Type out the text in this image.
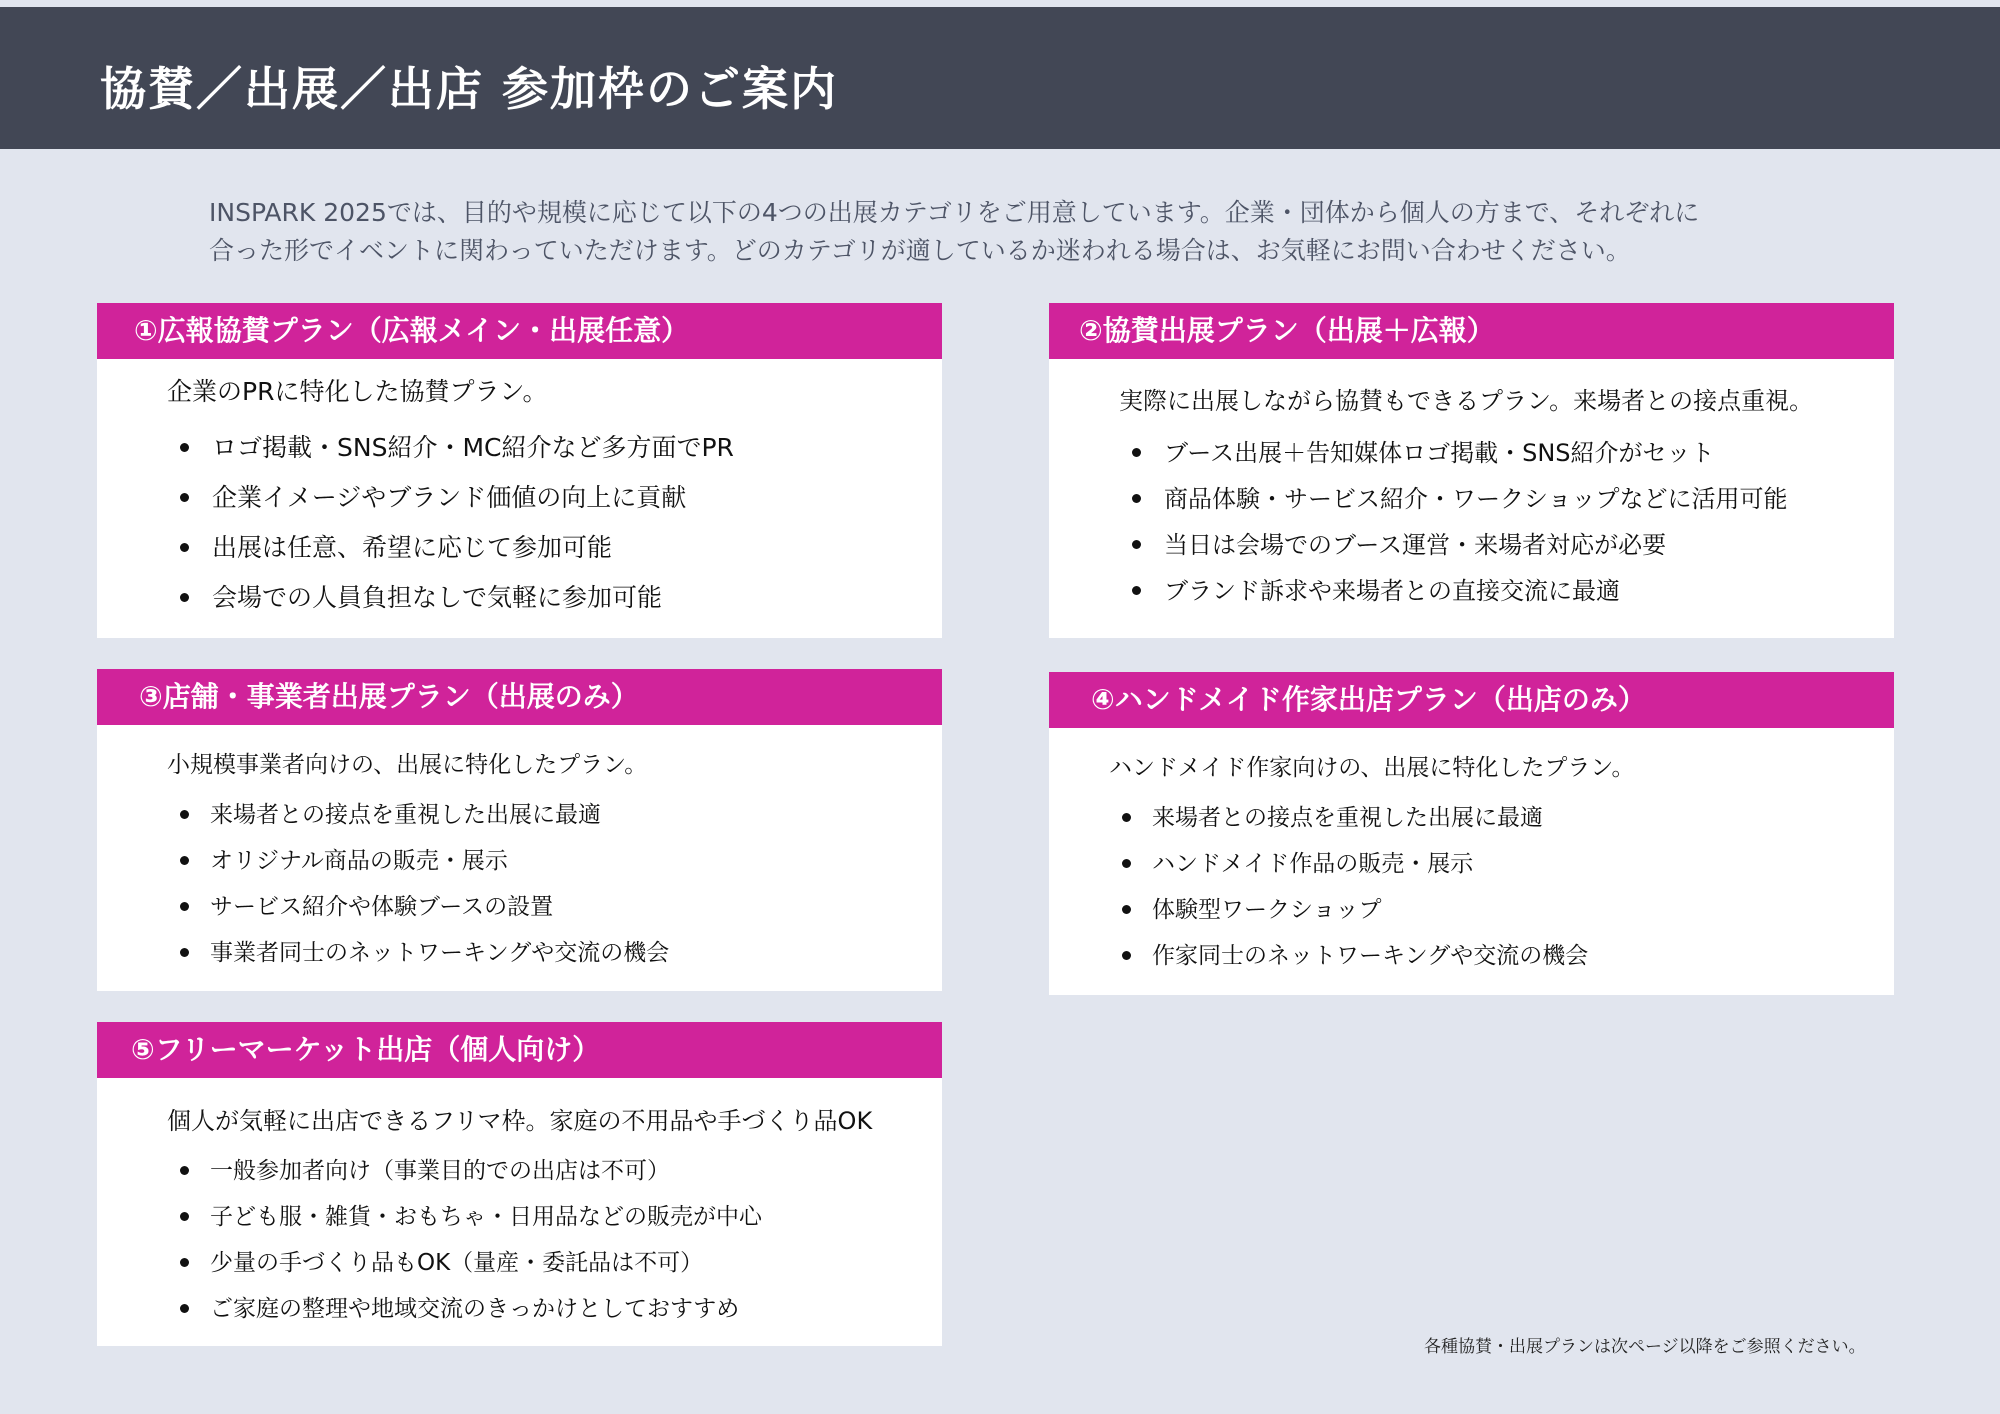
協賛／出展／出店 参加枠のご案内

INSPARK 2025では、目的や規模に応じて以下の4つの出展カテゴリをご用意しています。企業・団体から個人の方まで、それぞれに

合った形でイベントに関わっていただけます。どのカテゴリが適しているか迷われる場合は、お気軽にお問い合わせください。

①広報協賛プラン（広報メイン・出展任意）

企業のPRに特化した協賛プラン。

ロゴ掲載・SNS紹介・MC紹介など多方面でPR
企業イメージやブランド価値の向上に貢献
出展は任意、希望に応じて参加可能
会場での人員負担なしで気軽に参加可能
②協賛出展プラン（出展＋広報）

実際に出展しながら協賛もできるプラン。来場者との接点重視。

ブース出展＋告知媒体ロゴ掲載・SNS紹介がセット
商品体験・サービス紹介・ワークショップなどに活用可能
当日は会場でのブース運営・来場者対応が必要
ブランド訴求や来場者との直接交流に最適
③店舗・事業者出展プラン（出展のみ）

小規模事業者向けの、出展に特化したプラン。

来場者との接点を重視した出展に最適
オリジナル商品の販売・展示
サービス紹介や体験ブースの設置
事業者同士のネットワーキングや交流の機会
④ハンドメイド作家出店プラン（出店のみ）

ハンドメイド作家向けの、出展に特化したプラン。

来場者との接点を重視した出展に最適
ハンドメイド作品の販売・展示
体験型ワークショップ
作家同士のネットワーキングや交流の機会
⑤フリーマーケット出店（個人向け）

個人が気軽に出店できるフリマ枠。家庭の不用品や手づくり品OK

一般参加者向け（事業目的での出店は不可）
子ども服・雑貨・おもちゃ・日用品などの販売が中心
少量の手づくり品もOK（量産・委託品は不可）
ご家庭の整理や地域交流のきっかけとしておすすめ
各種協賛・出展プランは次ページ以降をご参照ください。
